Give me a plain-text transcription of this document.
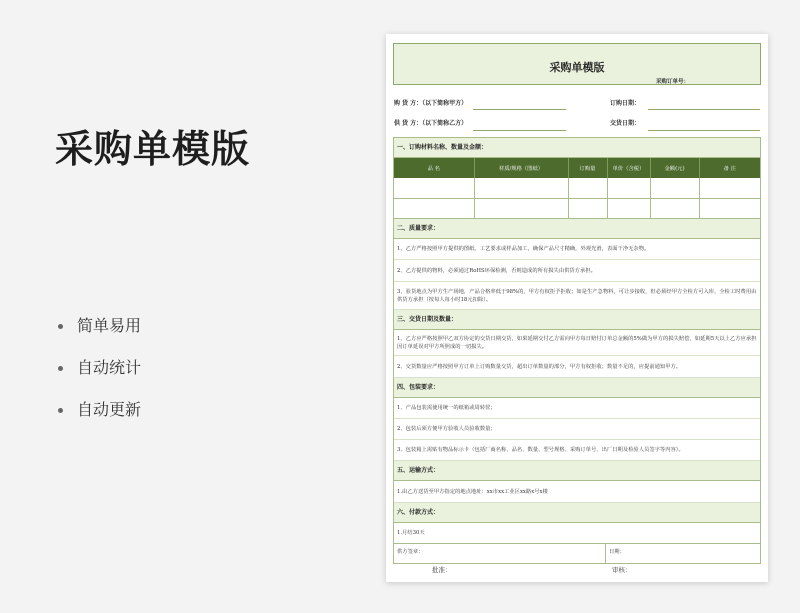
采购单模版
简单易用
自动统计
自动更新
采购单模版
采购订单号：
购 货 方：（以下简称甲方）	订购日期：
供 货 方：（以下简称乙方）	交货日期：
一、订购材料名称、数量及金额：
品 名	材质/规格（图纸）	订购量	单价（含税）	金额(元)	备 注

二、质量要求：
1、乙方严格按照甲方提供的图纸、工艺要求或样品加工，确保产品尺寸精确，外观光滑，表面干净无杂物。
2、乙方提供的物料，必须通过RoHS环保检测，否则造成的所有损失由供货方承担。
3、验货地点为甲方生产场地，产品合格率低于98%的，甲方有权拒予拒收；如是生产急物料，可让步接收，但必须经甲方全检方可入库，全检工时费用由供货方承担（按每人每小时18元扣除）。
三、交货日期及数量：
1、乙方应严格按照甲乙双方协定的交货日期交货，如果延期交付乙方需向甲方每日赔付订单总金额的5%做为甲方的损失赔偿，如延期5天以上乙方应承担因订单延误对甲方所照成的一切损失。
2、交货数量应严格按照甲方订单上订购数量交货，超出订单数量的部分，甲方有权拒收；数量不足的，应提前通知甲方。
四、包装要求：
1、产品包装需使用统一的纸箱或周转筐；
2、包装后须方便甲方验收人员验收数量；
3、包装箱上需贴有物品标示卡（包括厂商名称、品名、数量、型号规格、采购订单号、出厂日期及检验人员签字等内容）。
五、运输方式：
1.由乙方送货至甲方指定的地点地址：xx市xx工业区xx路x号x楼
六、付款方式：
1.月结30天
供方签章：	日期：
批准：	审核：
